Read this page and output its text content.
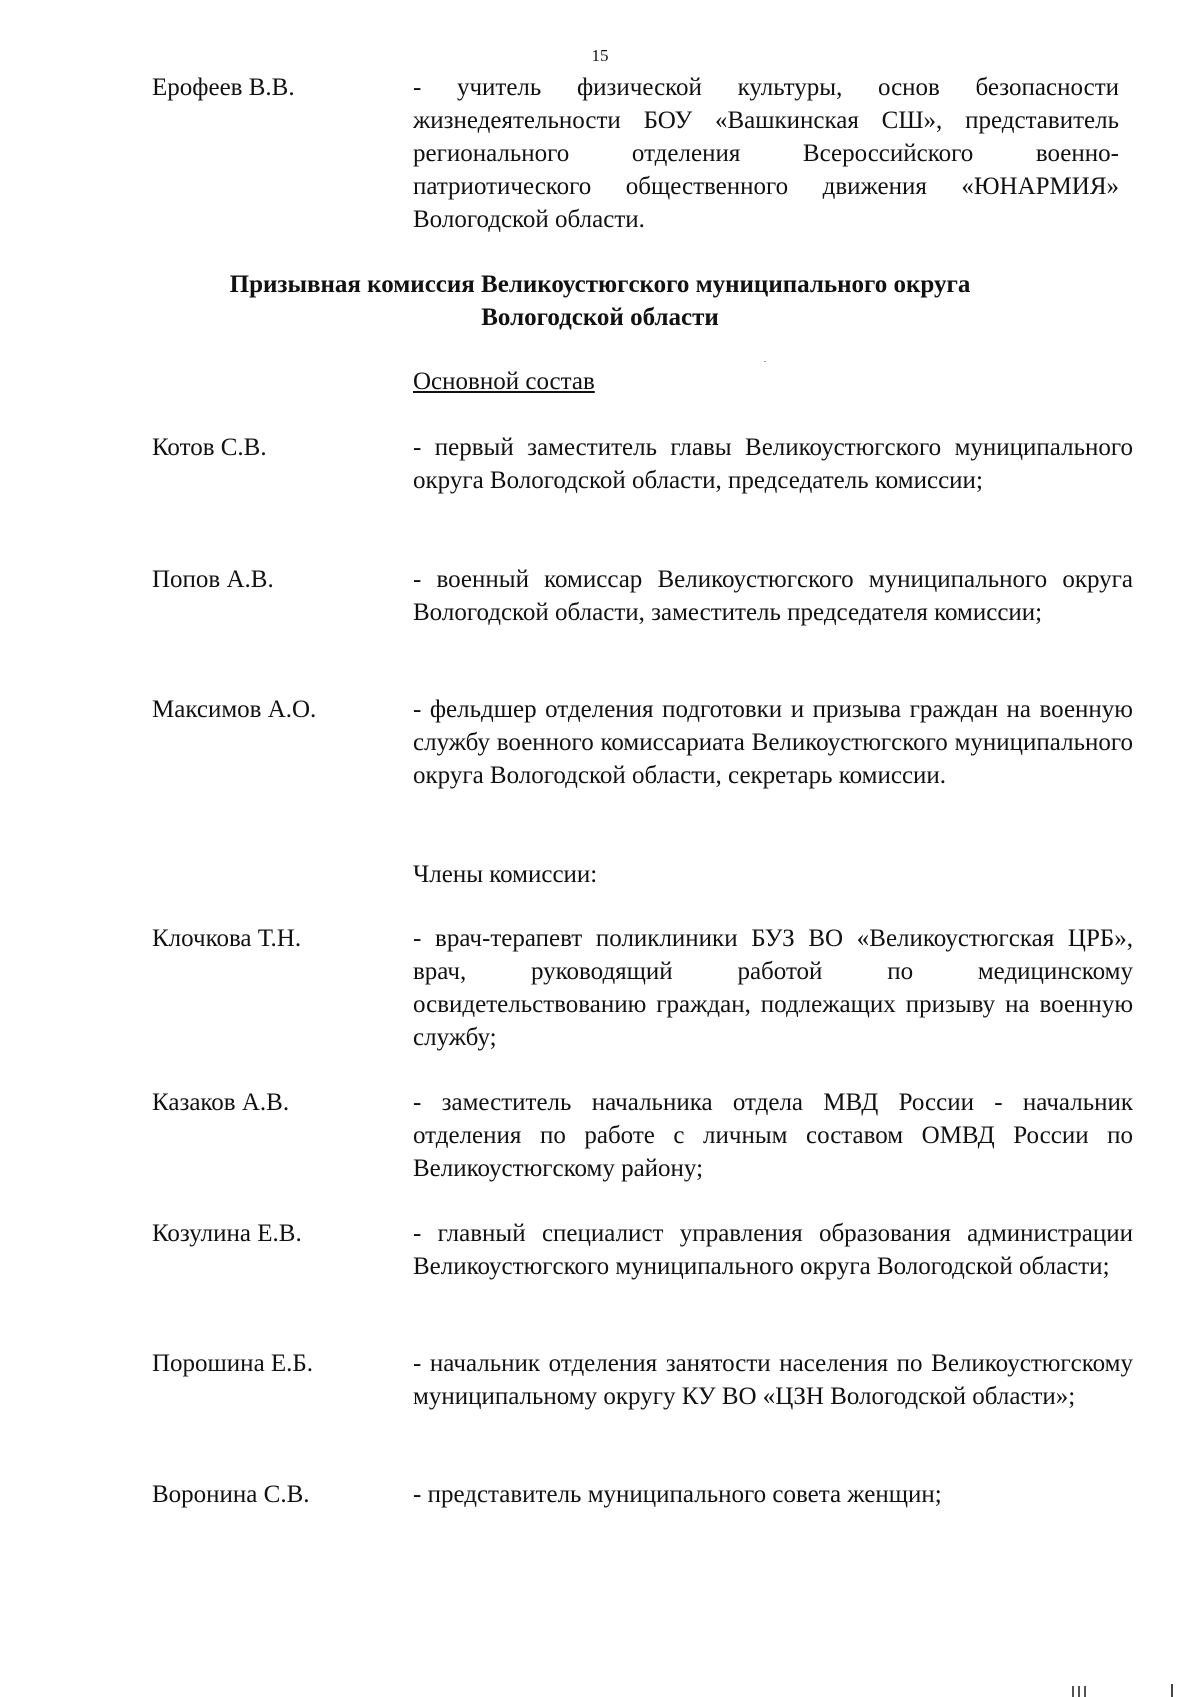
15
Ерофеев В.В.	- учитель физической культуры, основ безопасности жизнедеятельности БОУ «Вашкинская СШ», представитель регионального отделения Всероссийского военно-патриотического общественного движения «ЮНАРМИЯ» Вологодской области.
Призывная комиссия Великоустюгского муниципального округа
Вологодской области
Основной состав
Котов С.В.	- первый заместитель главы Великоустюгского муниципального округа Вологодской области, председатель комиссии;
Попов А.В.	- военный комиссар Великоустюгского муниципального округа Вологодской области, заместитель председателя комиссии;
Максимов А.О.	- фельдшер отделения подготовки и призыва граждан на военную службу военного комиссариата Великоустюгского муниципального округа Вологодской области, секретарь комиссии.
Члены комиссии:
Клочкова Т.Н.	- врач-терапевт поликлиники БУЗ ВО «Великоустюгская ЦРБ», врач, руководящий работой по медицинскому освидетельствованию граждан, подлежащих призыву на военную службу;
Казаков А.В.	- заместитель начальника отдела МВД России - начальник отделения по работе с личным составом ОМВД России по Великоустюгскому району;
Козулина Е.В.	- главный специалист управления образования администрации Великоустюгского муниципального округа Вологодской области;
Порошина Е.Б.	- начальник отделения занятости населения по Великоустюгскому муниципальному округу КУ ВО «ЦЗН Вологодской области»;
Воронина С.В.	- представитель муниципального совета женщин;
